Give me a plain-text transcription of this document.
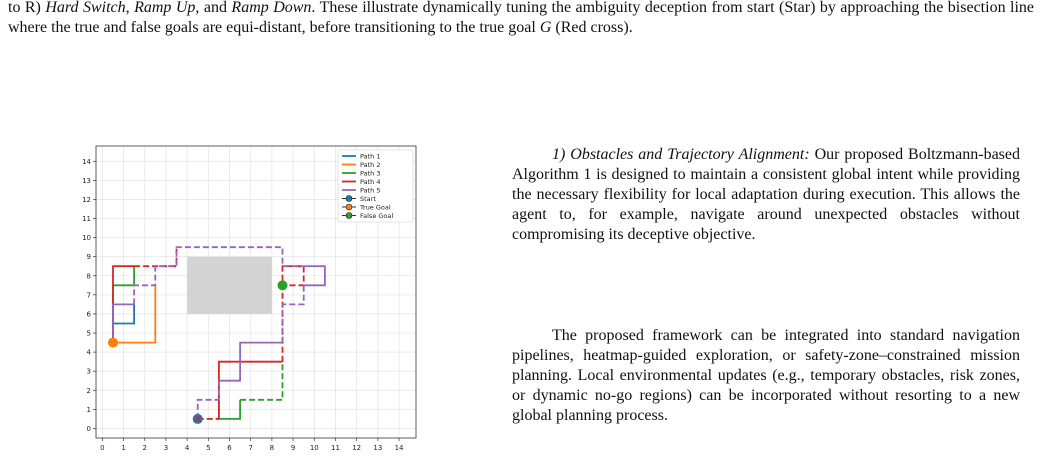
to R) Hard Switch, Ramp Up, and Ramp Down. These illustrate dynamically tuning the ambiguity deception from start (Star) by approaching the bisection line where the true and false goals are equi-distant, before transitioning to the true goal G (Red cross).
0 1 2 3 4 5 6 7 8 9 10 11 12 13 14
0
1
2
3
4
5
6
7
8
9
10
11
12
13
14
Path 1
Path 2
Path 3
Path 4
Path 5
Start
True Goal
False Goal
1) Obstacles and Trajectory Alignment: Our proposed Boltzmann-based Algorithm 1 is designed to maintain a consistent global intent while providing the necessary flexibility for local adaptation during execution. This allows the agent to, for example, navigate around unexpected obstacles without compromising its deceptive objective.
The proposed framework can be integrated into standard navigation pipelines, heatmap-guided exploration, or safety-zone–constrained mission planning. Local environmental updates (e.g., temporary obstacles, risk zones, or dynamic no-go regions) can be incorporated without resorting to a new global planning process.
